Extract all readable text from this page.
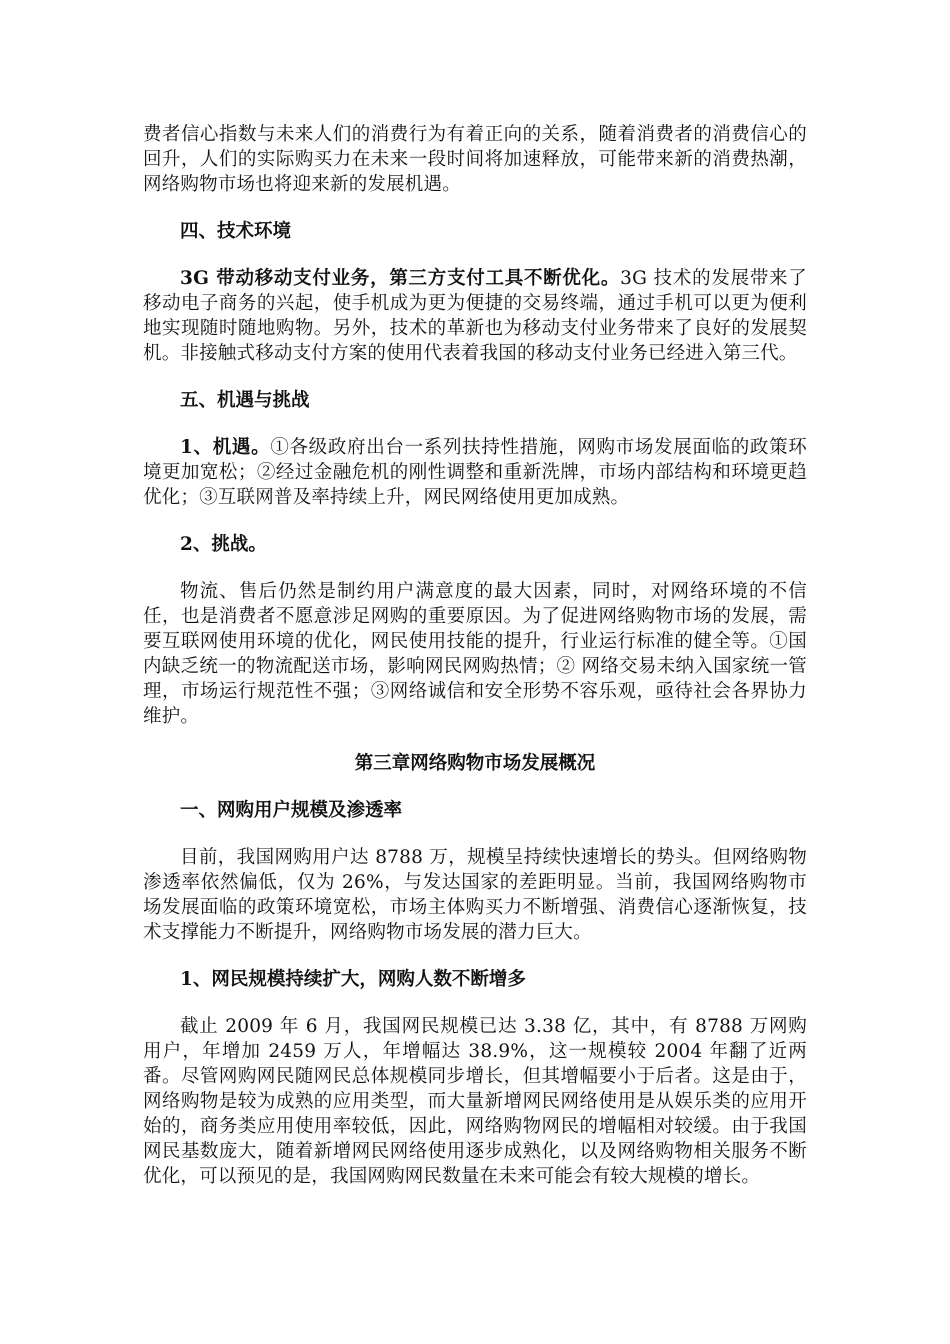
费者信心指数与未来人们的消费行为有着正向的关系，随着消费者的消费信心的回升，人们的实际购买力在未来一段时间将加速释放，可能带来新的消费热潮，网络购物市场也将迎来新的发展机遇。

四、技术环境

3G 带动移动支付业务，第三方支付工具不断优化。3G 技术的发展带来了移动电子商务的兴起，使手机成为更为便捷的交易终端，通过手机可以更为便利地实现随时随地购物。另外，技术的革新也为移动支付业务带来了良好的发展契机。非接触式移动支付方案的使用代表着我国的移动支付业务已经进入第三代。

五、机遇与挑战

1、机遇。①各级政府出台一系列扶持性措施，网购市场发展面临的政策环境更加宽松；②经过金融危机的刚性调整和重新洗牌，市场内部结构和环境更趋优化；③互联网普及率持续上升，网民网络使用更加成熟。

2、挑战。

物流、售后仍然是制约用户满意度的最大因素，同时，对网络环境的不信任，也是消费者不愿意涉足网购的重要原因。为了促进网络购物市场的发展，需要互联网使用环境的优化，网民使用技能的提升，行业运行标准的健全等。①国内缺乏统一的物流配送市场，影响网民网购热情；② 网络交易未纳入国家统一管理，市场运行规范性不强；③网络诚信和安全形势不容乐观，亟待社会各界协力维护。

第三章网络购物市场发展概况

一、网购用户规模及渗透率

目前，我国网购用户达 8788 万，规模呈持续快速增长的势头。但网络购物渗透率依然偏低，仅为 26%，与发达国家的差距明显。当前，我国网络购物市场发展面临的政策环境宽松，市场主体购买力不断增强、消费信心逐渐恢复，技术支撑能力不断提升，网络购物市场发展的潜力巨大。

1、网民规模持续扩大，网购人数不断增多

截止 2009 年 6 月，我国网民规模已达 3.38 亿，其中，有 8788 万网购用户，年增加 2459 万人，年增幅达 38.9%，这一规模较 2004 年翻了近两番。尽管网购网民随网民总体规模同步增长，但其增幅要小于后者。这是由于，网络购物是较为成熟的应用类型，而大量新增网民网络使用是从娱乐类的应用开始的，商务类应用使用率较低，因此，网络购物网民的增幅相对较缓。由于我国网民基数庞大，随着新增网民网络使用逐步成熟化，以及网络购物相关服务不断优化，可以预见的是，我国网购网民数量在未来可能会有较大规模的增长。
